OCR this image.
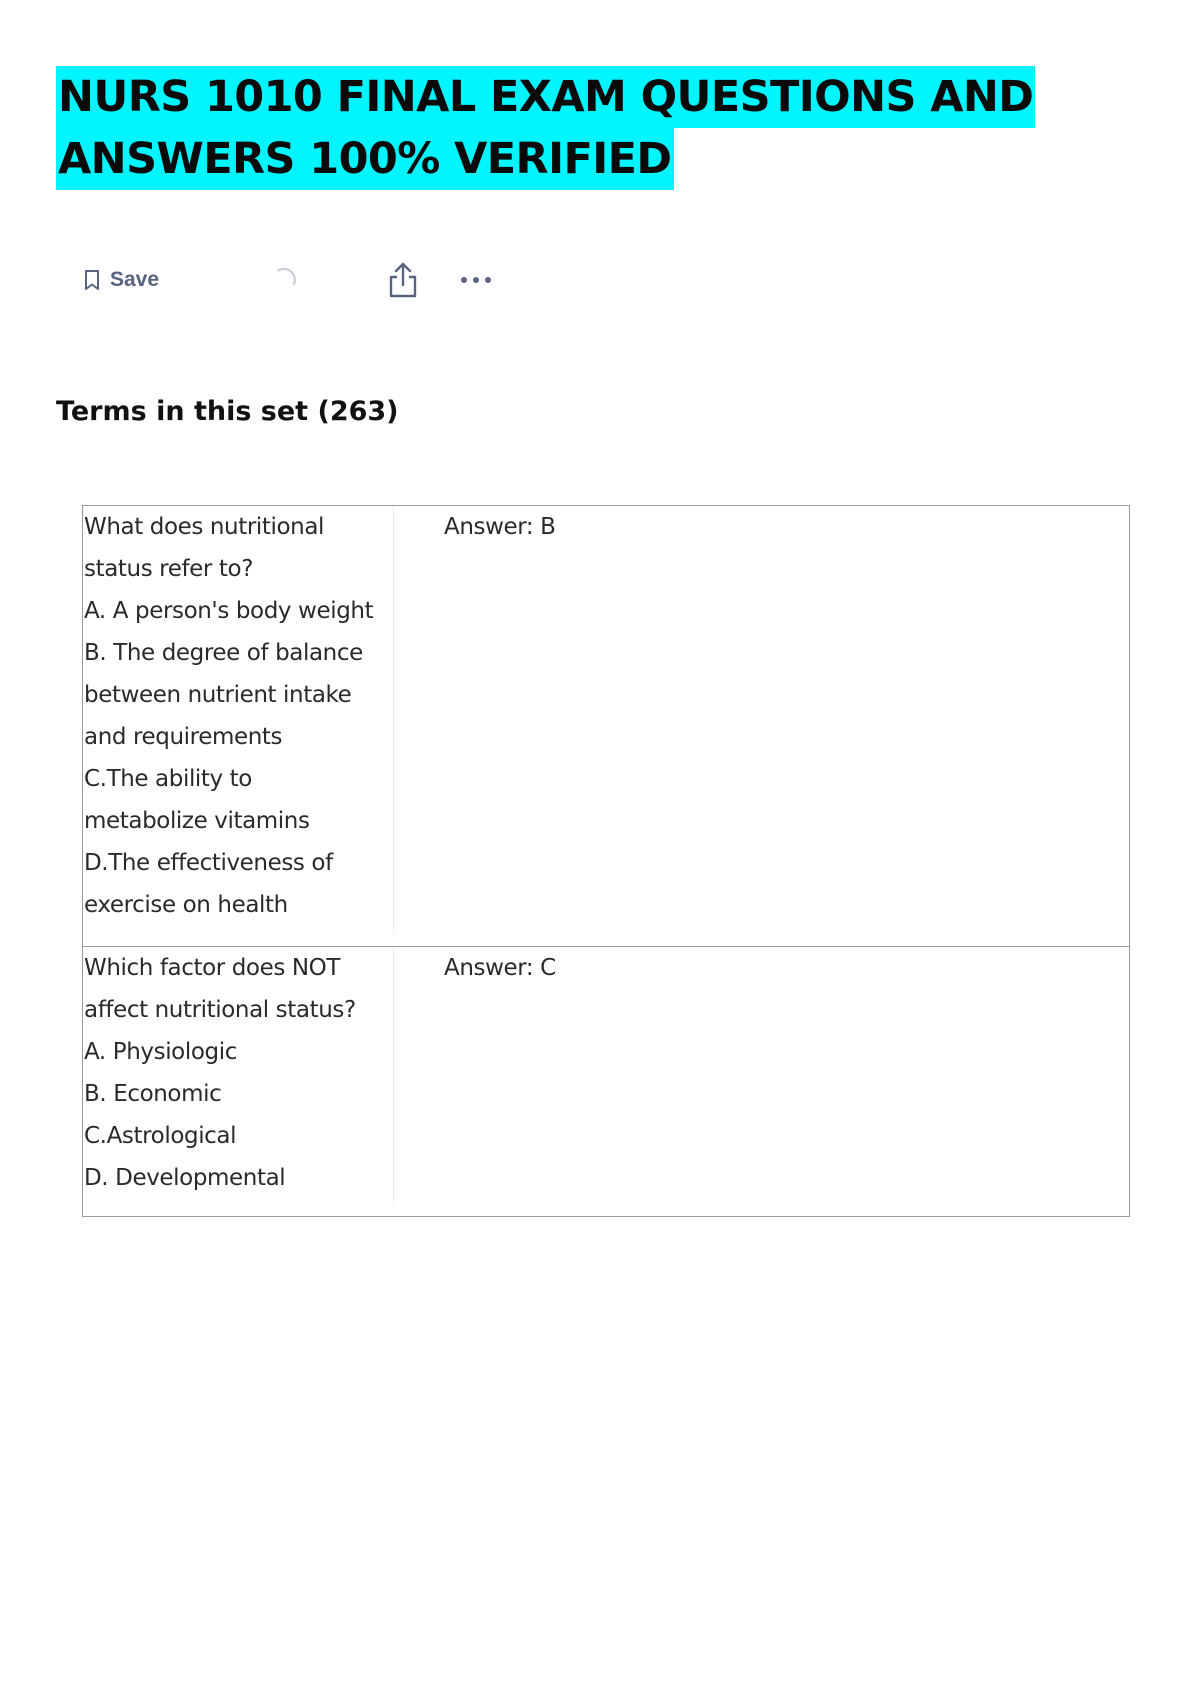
NURS 1010 FINAL EXAM QUESTIONS AND
ANSWERS 100% VERIFIED
Save
Terms in this set (263)
What does nutritional
status refer to?
A. A person's body weight
B. The degree of balance
between nutrient intake
and requirements
C.The ability to
metabolize vitamins
D.The effectiveness of
exercise on health
Answer: B
Which factor does NOT
affect nutritional status?
A. Physiologic
B. Economic
C.Astrological
D. Developmental
Answer: C
